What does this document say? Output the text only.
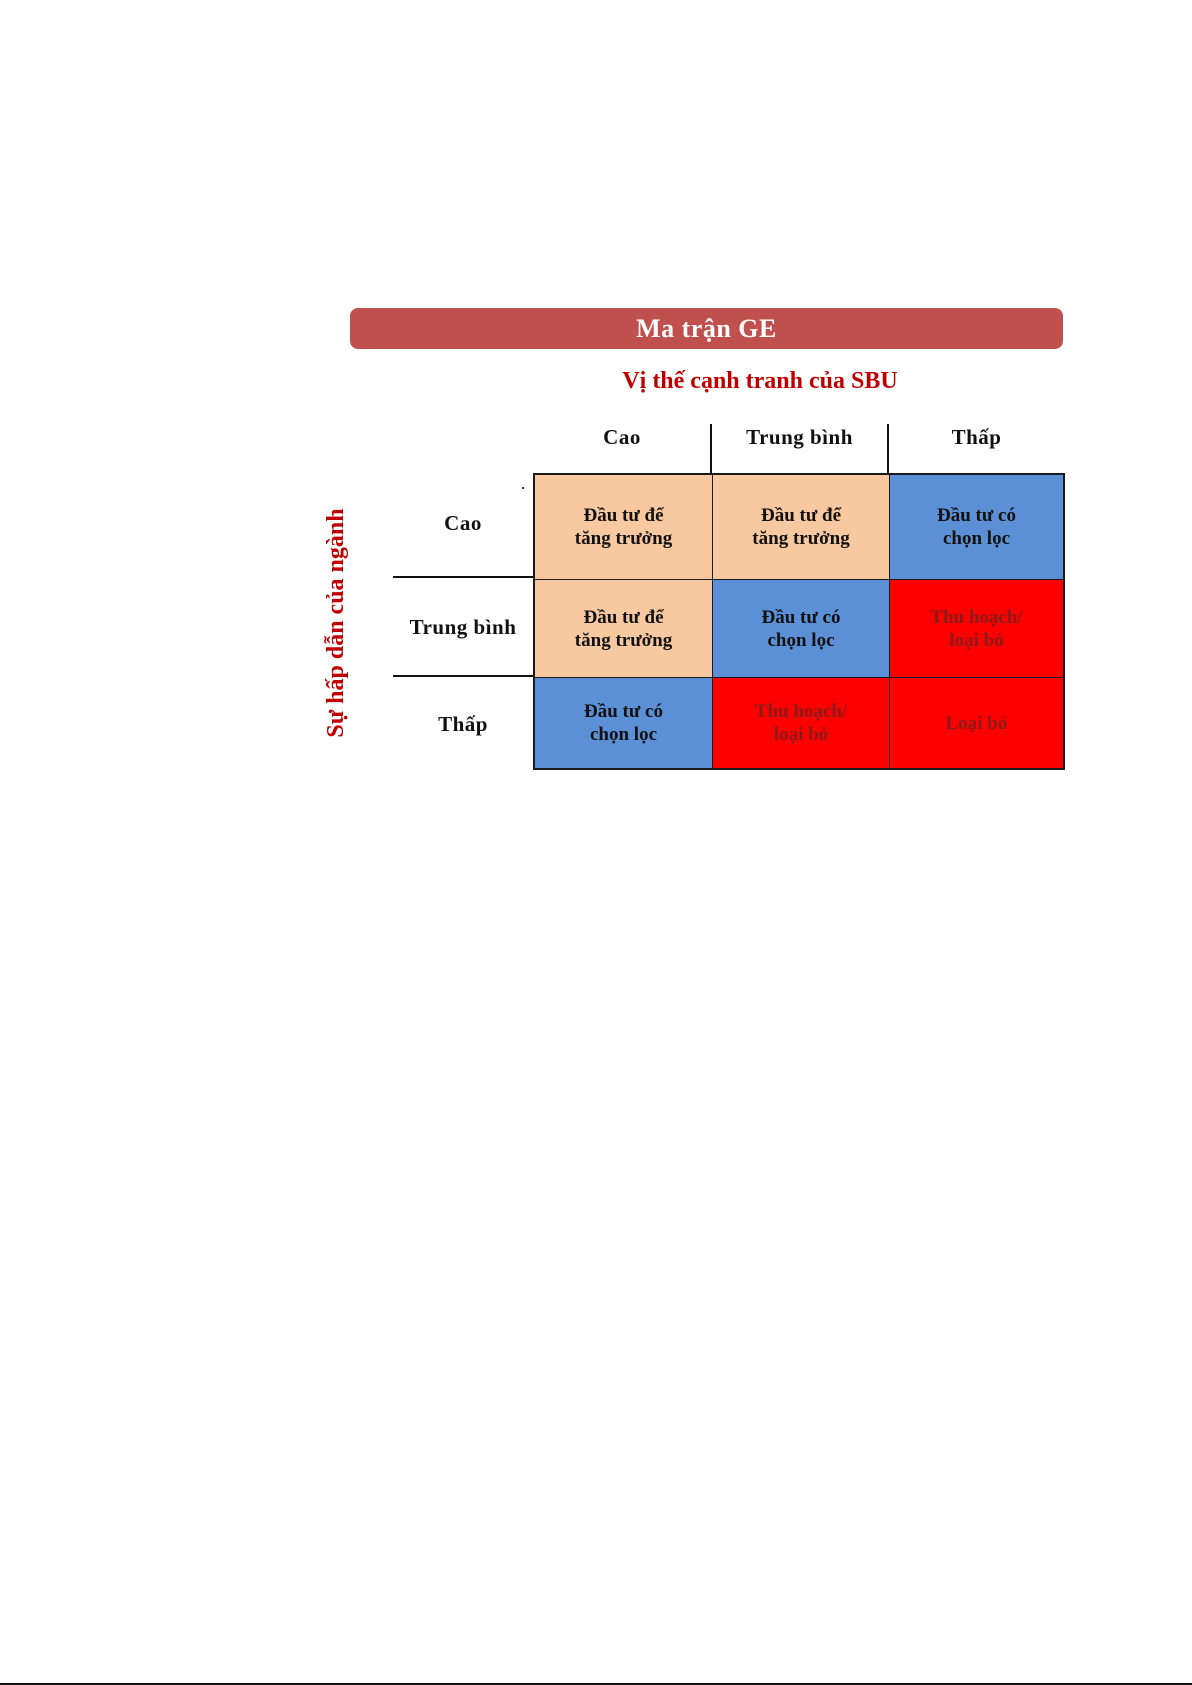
Ma trận GE
Vị thế cạnh tranh của SBU
Sự hấp dẫn của ngành
Cao	Trung bình	Thấp
Cao
Trung bình
Thấp
Đầu tư để
tăng trưởng
Đầu tư để
tăng trưởng
Đầu tư có
chọn lọc
Đầu tư để
tăng trưởng
Đầu tư có
chọn lọc
Thu hoạch/
loại bỏ
Đầu tư có
chọn lọc
Thu hoạch/
loại bỏ
Loại bỏ
